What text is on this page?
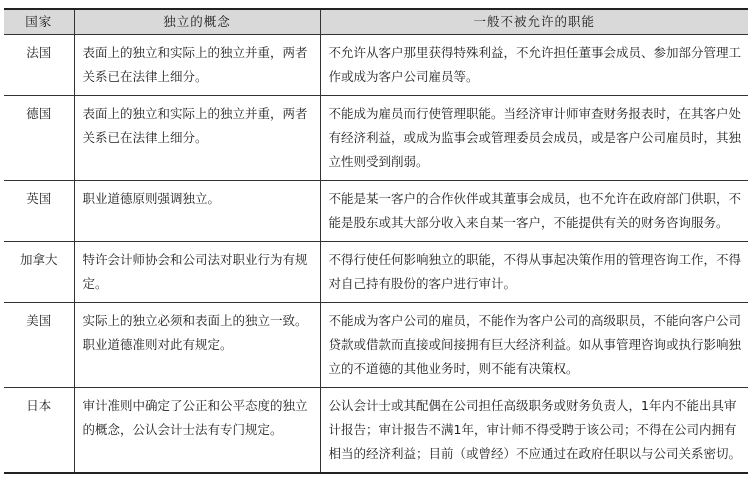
国家	独立的概念	一般不被允许的职能
法国	表面上的独立和实际上的独立并重，两者关系已在法律上细分。	不允许从客户那里获得特殊利益，不允许担任董事会成员、参加部分管理工作或成为客户公司雇员等。
德国	表面上的独立和实际上的独立并重，两者关系已在法律上细分。	不能成为雇员而行使管理职能。当经济审计师审查财务报表时，在其客户处有经济利益，或成为监事会或管理委员会成员，或是客户公司雇员时，其独立性则受到削弱。
英国	职业道德原则强调独立。	不能是某一客户的合作伙伴或其董事会成员，也不允许在政府部门供职，不能是股东或其大部分收入来自某一客户，不能提供有关的财务咨询服务。
加拿大	特许会计师协会和公司法对职业行为有规定。	不得行使任何影响独立的职能，不得从事起决策作用的管理咨询工作，不得对自己持有股份的客户进行审计。
美国	实际上的独立必须和表面上的独立一致。职业道德准则对此有规定。	不能成为客户公司的雇员，不能作为客户公司的高级职员，不能向客户公司贷款或借款而直接或间接拥有巨大经济利益。如从事管理咨询或执行影响独立的不道德的其他业务时，则不能有决策权。
日本	审计准则中确定了公正和公平态度的独立的概念，公认会计士法有专门规定。	公认会计士或其配偶在公司担任高级职务或财务负责人，1年内不能出具审计报告；审计报告不满1年，审计师不得受聘于该公司；不得在公司内拥有相当的经济利益；目前（或曾经）不应通过在政府任职以与公司关系密切。
